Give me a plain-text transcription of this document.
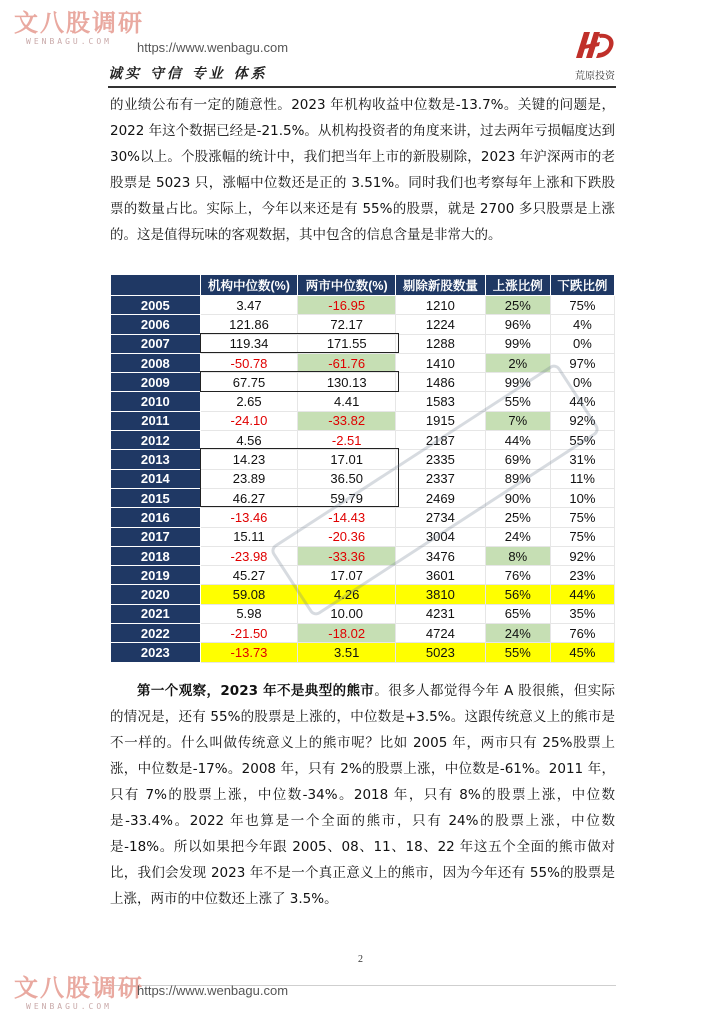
文八股调研
WENBAGU.COM	https://www.wenbagu.com
诚实 守信 专业 体系	荒原投资
的业绩公布有一定的随意性。2023 年机构收益中位数是-13.7%。关键的问题是，2022 年这个数据已经是-21.5%。从机构投资者的角度来讲，过去两年亏损幅度达到 30%以上。个股涨幅的统计中，我们把当年上市的新股剔除，2023 年沪深两市的老股票是 5023 只，涨幅中位数还是正的 3.51%。同时我们也考察每年上涨和下跌股票的数量占比。实际上，今年以来还是有 55%的股票，就是 2700 多只股票是上涨的。这是值得玩味的客观数据，其中包含的信息含量是非常大的。
	机构中位数(%)	两市中位数(%)	剔除新股数量	上涨比例	下跌比例
2005	3.47	-16.95	1210	25%	75%
2006	121.86	72.17	1224	96%	4%
2007	119.34	171.55	1288	99%	0%
2008	-50.78	-61.76	1410	2%	97%
2009	67.75	130.13	1486	99%	0%
2010	2.65	4.41	1583	55%	44%
2011	-24.10	-33.82	1915	7%	92%
2012	4.56	-2.51	2187	44%	55%
2013	14.23	17.01	2335	69%	31%
2014	23.89	36.50	2337	89%	11%
2015	46.27	59.79	2469	90%	10%
2016	-13.46	-14.43	2734	25%	75%
2017	15.11	-20.36	3004	24%	75%
2018	-23.98	-33.36	3476	8%	92%
2019	45.27	17.07	3601	76%	23%
2020	59.08	4.26	3810	56%	44%
2021	5.98	10.00	4231	65%	35%
2022	-21.50	-18.02	4724	24%	76%
2023	-13.73	3.51	5023	55%	45%
第一个观察，2023 年不是典型的熊市。很多人都觉得今年 A 股很熊，但实际的情况是，还有 55%的股票是上涨的，中位数是+3.5%。这跟传统意义上的熊市是不一样的。什么叫做传统意义上的熊市呢？比如 2005 年，两市只有 25%股票上涨，中位数是-17%。2008 年，只有 2%的股票上涨，中位数是-61%。2011 年，只有 7%的股票上涨，中位数-34%。2018 年，只有 8%的股票上涨，中位数是-33.4%。2022 年也算是一个全面的熊市，只有 24%的股票上涨，中位数是-18%。所以如果把今年跟 2005、08、11、18、22 年这五个全面的熊市做对比，我们会发现 2023 年不是一个真正意义上的熊市，因为今年还有 55%的股票是上涨，两市的中位数还上涨了 3.5%。
2
文八股调研
WENBAGU.COM
https://www.wenbagu.com
